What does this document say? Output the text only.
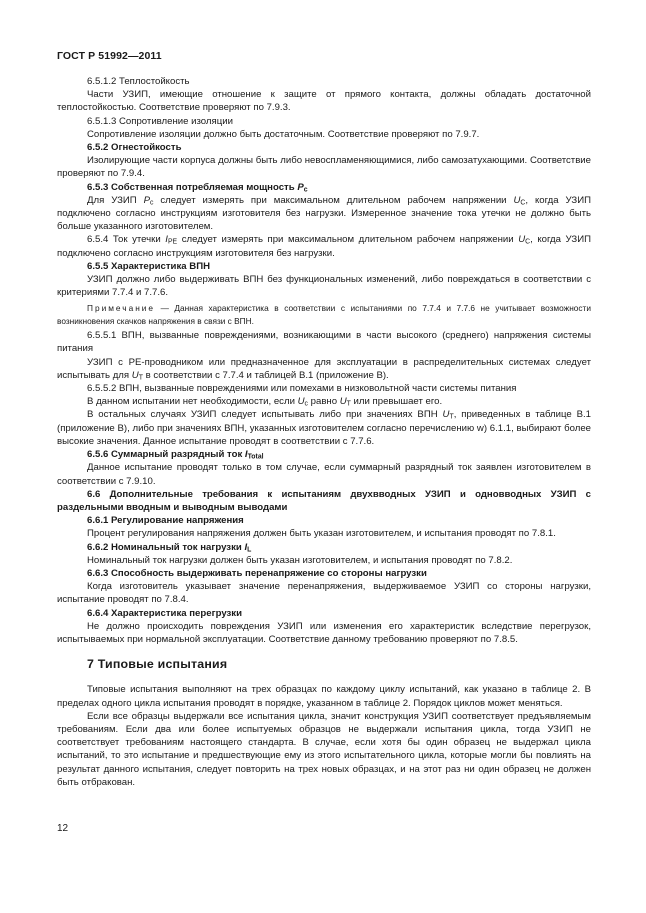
ГОСТ Р 51992—2011

6.5.1.2 Теплостойкость

Части УЗИП, имеющие отношение к защите от прямого контакта, должны обладать достаточной теплостойкостью. Соответствие проверяют по 7.9.3.

6.5.1.3 Сопротивление изоляции

Сопротивление изоляции должно быть достаточным. Соответствие проверяют по 7.9.7.

6.5.2 Огнестойкость

Изолирующие части корпуса должны быть либо невоспламеняющимися, либо самозатухающими. Соответствие проверяют по 7.9.4.

6.5.3 Собственная потребляемая мощность $P_c$

Для УЗИП $P_c$ следует измерять при максимальном длительном рабочем напряжении $U_C$, когда УЗИП подключено согласно инструкциям изготовителя без нагрузки. Измеренное значение тока утечки не должно быть больше указанного изготовителем.

6.5.4 Ток утечки $I_{PE}$ следует измерять при максимальном длительном рабочем напряжении $U_C$, когда УЗИП подключено согласно инструкциям изготовителя без нагрузки.

6.5.5 Характеристика ВПН

УЗИП должно либо выдерживать ВПН без функциональных изменений, либо повреждаться в соответствии с критериями 7.7.4 и 7.7.6.

Примечание — Данная характеристика в соответствии с испытаниями по 7.7.4 и 7.7.6 не учитывает возможности возникновения скачков напряжения в связи с ВПН.

6.5.5.1 ВПН, вызванные повреждениями, возникающими в части высокого (среднего) напряжения системы питания

УЗИП с РЕ-проводником или предназначенное для эксплуатации в распределительных системах следует испытывать для $U_T$ в соответствии с 7.7.4 и таблицей В.1 (приложение В).

6.5.5.2 ВПН, вызванные повреждениями или помехами в низковольтной части системы питания

В данном испытании нет необходимости, если $U_c$ равно $U_T$ или превышает его.

В остальных случаях УЗИП следует испытывать либо при значениях ВПН $U_T$, приведенных в таблице В.1 (приложение В), либо при значениях ВПН, указанных изготовителем согласно перечислению w) 6.1.1, выбирают более высокие значения. Данное испытание проводят в соответствии с 7.7.6.

6.5.6 Суммарный разрядный ток $I_{Total}$

Данное испытание проводят только в том случае, если суммарный разрядный ток заявлен изготовителем в соответствии с 7.9.10.

6.6 Дополнительные требования к испытаниям двухвводных УЗИП и одновводных УЗИП с раздельными вводным и выводным выводами

6.6.1 Регулирование напряжения

Процент регулирования напряжения должен быть указан изготовителем, и испытания проводят по 7.8.1.

6.6.2 Номинальный ток нагрузки $I_L$

Номинальный ток нагрузки должен быть указан изготовителем, и испытания проводят по 7.8.2.

6.6.3 Способность выдерживать перенапряжение со стороны нагрузки

Когда изготовитель указывает значение перенапряжения, выдерживаемое УЗИП со стороны нагрузки, испытание проводят по 7.8.4.

6.6.4 Характеристика перегрузки

Не должно происходить повреждения УЗИП или изменения его характеристик вследствие перегрузок, испытываемых при нормальной эксплуатации. Соответствие данному требованию проверяют по 7.8.5.

7 Типовые испытания

Типовые испытания выполняют на трех образцах по каждому циклу испытаний, как указано в таблице 2. В пределах одного цикла испытания проводят в порядке, указанном в таблице 2. Порядок циклов может меняться.

Если все образцы выдержали все испытания цикла, значит конструкция УЗИП соответствует предъявляемым требованиям. Если два или более испытуемых образцов не выдержали испытания цикла, тогда УЗИП не соответствует требованиям настоящего стандарта. В случае, если хотя бы один образец не выдержал цикла испытаний, то это испытание и предшествующие ему из этого испытательного цикла, которые могли бы повлиять на результат данного испытания, следует повторить на трех новых образцах, и на этот раз ни один образец не должен быть отбракован.

12
